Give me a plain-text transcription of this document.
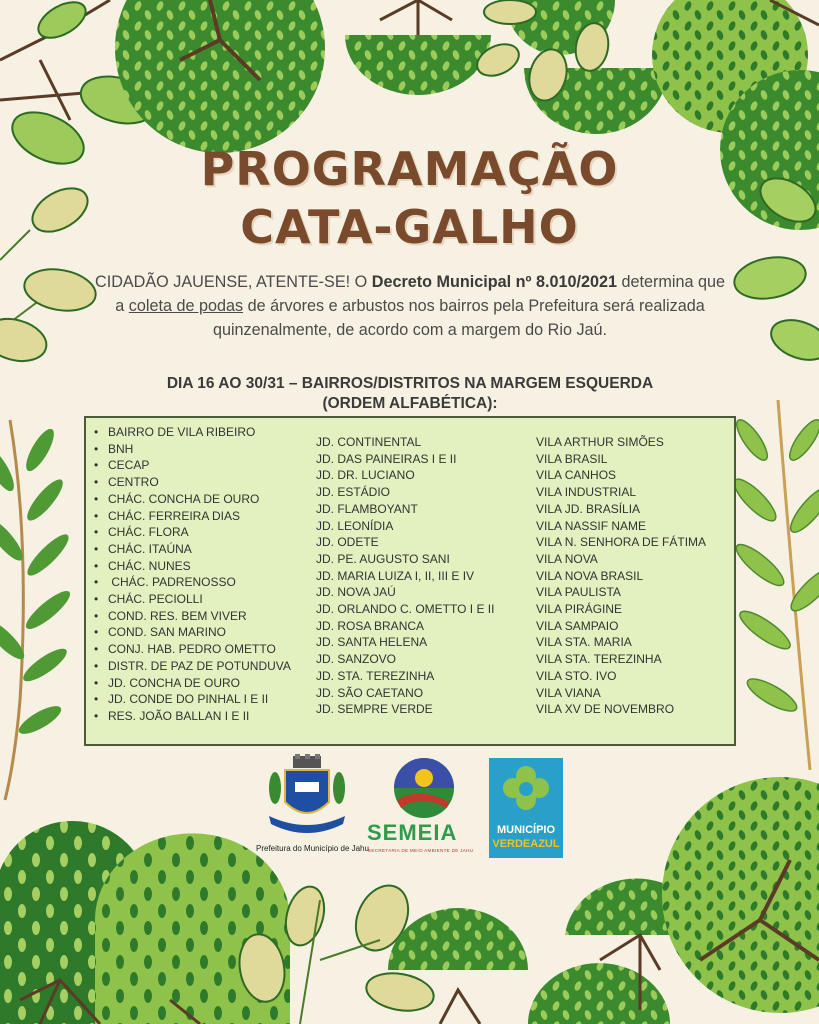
PROGRAMAÇÃO
CATA-GALHO
CIDADÃO JAUENSE, ATENTE-SE! O Decreto Municipal nº 8.010/2021 determina que a coleta de podas de árvores e arbustos nos bairros pela Prefeitura será realizada quinzenalmente, de acordo com a margem do Rio Jaú.
DIA 16 AO 30/31 – BAIRROS/DISTRITOS NA MARGEM ESQUERDA
(ORDEM ALFABÉTICA):
• BAIRRO DE VILA RIBEIRO
• BNH
• CECAP
• CENTRO
• CHÁC. CONCHA DE OURO
• CHÁC. FERREIRA DIAS
• CHÁC. FLORA
• CHÁC. ITAÚNA
• CHÁC. NUNES
• CHÁC. PADRENOSSO
• CHÁC. PECIOLLI
• COND. RES. BEM VIVER
• COND. SAN MARINO
• CONJ. HAB. PEDRO OMETTO
• DISTR. DE PAZ DE POTUNDUVA
• JD. CONCHA DE OURO
• JD. CONDE DO PINHAL I E II
• RES. JOÃO BALLAN I E II
JD. CONTINENTAL
JD. DAS PAINEIRAS I E II
JD. DR. LUCIANO
JD. ESTÁDIO
JD. FLAMBOYANT
JD. LEONÍDIA
JD. ODETE
JD. PE. AUGUSTO SANI
JD. MARIA LUIZA I, II, III E IV
JD. NOVA JAÚ
JD. ORLANDO C. OMETTO I E II
JD. ROSA BRANCA
JD. SANTA HELENA
JD. SANZOVO
JD. STA. TEREZINHA
JD. SÃO CAETANO
JD. SEMPRE VERDE
VILA ARTHUR SIMÕES
VILA BRASIL
VILA CANHOS
VILA INDUSTRIAL
VILA JD. BRASÍLIA
VILA NASSIF NAME
VILA N. SENHORA DE FÁTIMA
VILA NOVA
VILA NOVA BRASIL
VILA PAULISTA
VILA PIRÁGINE
VILA SAMPAIO
VILA STA. MARIA
VILA STA. TEREZINHA
VILA STO. IVO
VILA VIANA
VILA XV DE NOVEMBRO
Prefeitura do Município de Jahu
SEMEIA
SECRETARIA DE MEIO AMBIENTE DE JAHU
MUNICÍPIO
VERDEAZUL
